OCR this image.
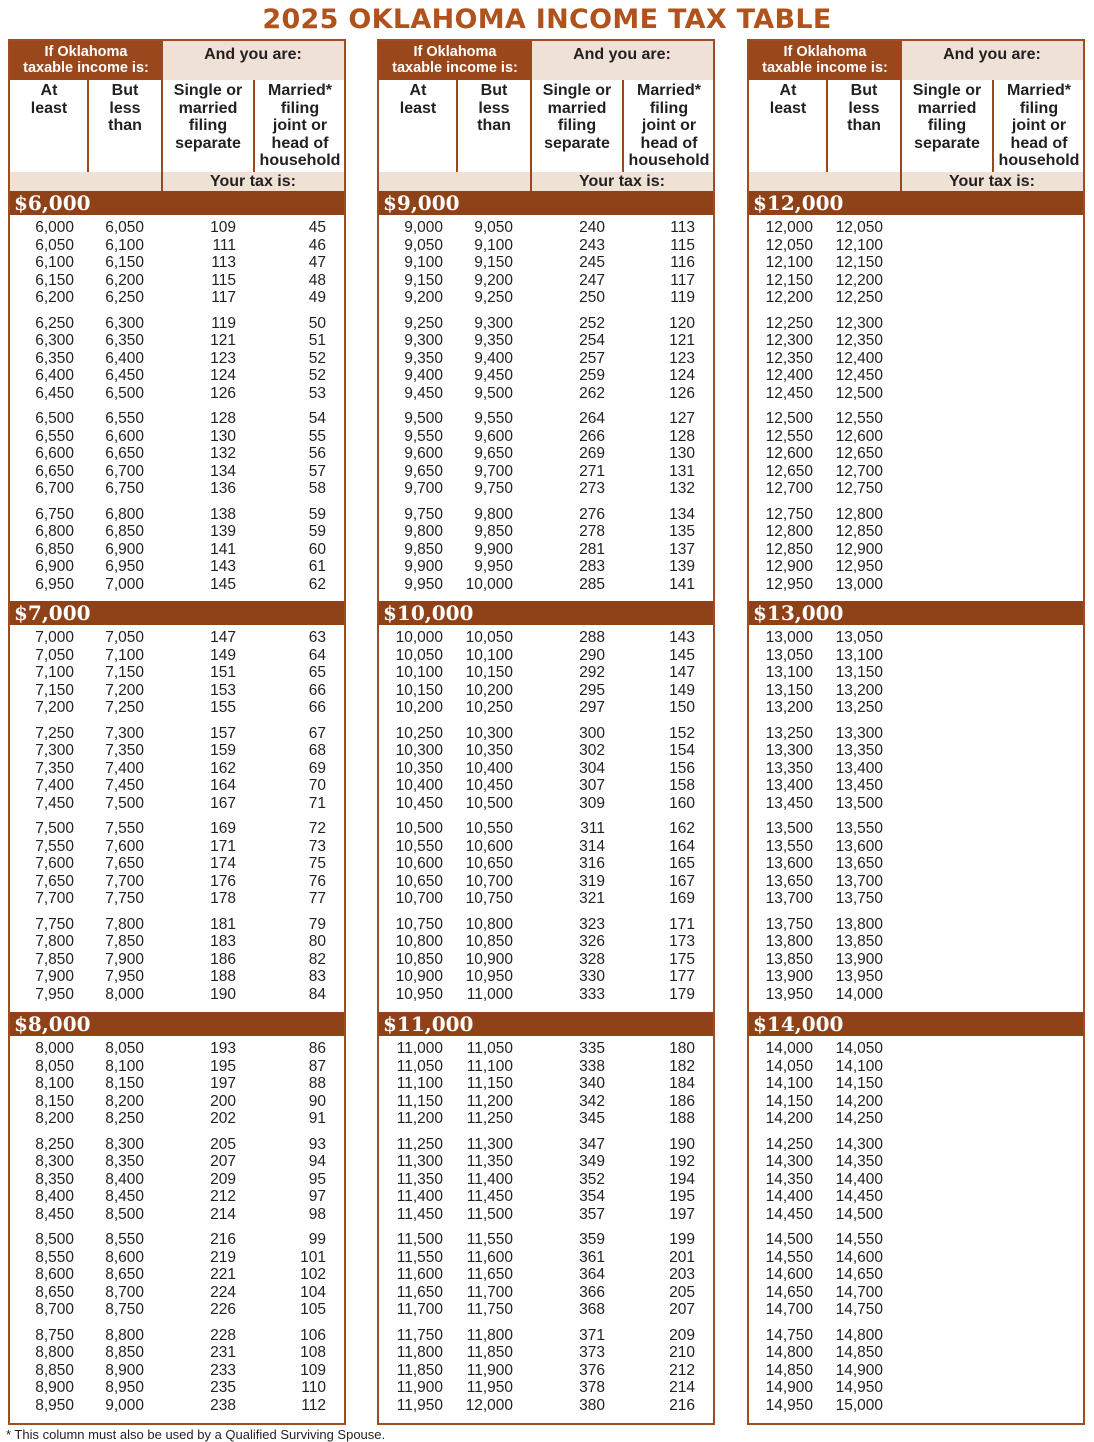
2025 OKLAHOMA INCOME TAX TABLE
If Oklahoma
taxable income is:
And you are:
At
least
But
less
than
Single or
married
filing
separate
Married*
filing
joint or
head of
household
Your tax is:
$6,000
6,000 6,050	109	45
6,050 6,100	111	46
6,100 6,150	113	47
6,150 6,200	115	48
6,200 6,250	117	49
6,250 6,300	119	50
6,300 6,350	121	51
6,350 6,400	123	52
6,400 6,450	124	52
6,450 6,500	126	53
6,500 6,550	128	54
6,550 6,600	130	55
6,600 6,650	132	56
6,650 6,700	134	57
6,700 6,750	136	58
6,750 6,800	138	59
6,800 6,850	139	59
6,850 6,900	141	60
6,900 6,950	143	61
6,950 7,000	145	62
$7,000
7,000 7,050	147	63
7,050 7,100	149	64
7,100 7,150	151	65
7,150 7,200	153	66
7,200 7,250	155	66
7,250 7,300	157	67
7,300 7,350	159	68
7,350 7,400	162	69
7,400 7,450	164	70
7,450 7,500	167	71
7,500 7,550	169	72
7,550 7,600	171	73
7,600 7,650	174	75
7,650 7,700	176	76
7,700 7,750	178	77
7,750 7,800	181	79
7,800 7,850	183	80
7,850 7,900	186	82
7,900 7,950	188	83
7,950 8,000	190	84
$8,000
8,000 8,050	193	86
8,050 8,100	195	87
8,100 8,150	197	88
8,150 8,200	200	90
8,200 8,250	202	91
8,250 8,300	205	93
8,300 8,350	207	94
8,350 8,400	209	95
8,400 8,450	212	97
8,450 8,500	214	98
8,500 8,550	216	99
8,550 8,600	219	101
8,600 8,650	221	102
8,650 8,700	224	104
8,700 8,750	226	105
8,750 8,800	228	106
8,800 8,850	231	108
8,850 8,900	233	109
8,900 8,950	235	110
8,950 9,000	238	112
If Oklahoma
taxable income is:
And you are:
At
least
But
less
than
Single or
married
filing
separate
Married*
filing
joint or
head of
household
Your tax is:
$9,000
9,000 9,050	240	113
9,050 9,100	243	115
9,100 9,150	245	116
9,150 9,200	247	117
9,200 9,250	250	119
9,250 9,300	252	120
9,300 9,350	254	121
9,350 9,400	257	123
9,400 9,450	259	124
9,450 9,500	262	126
9,500 9,550	264	127
9,550 9,600	266	128
9,600 9,650	269	130
9,650 9,700	271	131
9,700 9,750	273	132
9,750 9,800	276	134
9,800 9,850	278	135
9,850 9,900	281	137
9,900 9,950	283	139
9,950 10,000	285	141
$10,000
10,000 10,050	288	143
10,050 10,100	290	145
10,100 10,150	292	147
10,150 10,200	295	149
10,200 10,250	297	150
10,250 10,300	300	152
10,300 10,350	302	154
10,350 10,400	304	156
10,400 10,450	307	158
10,450 10,500	309	160
10,500 10,550	311	162
10,550 10,600	314	164
10,600 10,650	316	165
10,650 10,700	319	167
10,700 10,750	321	169
10,750 10,800	323	171
10,800 10,850	326	173
10,850 10,900	328	175
10,900 10,950	330	177
10,950 11,000	333	179
$11,000
11,000 11,050	335	180
11,050 11,100	338	182
11,100 11,150	340	184
11,150 11,200	342	186
11,200 11,250	345	188
11,250 11,300	347	190
11,300 11,350	349	192
11,350 11,400	352	194
11,400 11,450	354	195
11,450 11,500	357	197
11,500 11,550	359	199
11,550 11,600	361	201
11,600 11,650	364	203
11,650 11,700	366	205
11,700 11,750	368	207
11,750 11,800	371	209
11,800 11,850	373	210
11,850 11,900	376	212
11,900 11,950	378	214
11,950 12,000	380	216
If Oklahoma
taxable income is:
And you are:
At
least
But
less
than
Single or
married
filing
separate
Married*
filing
joint or
head of
household
Your tax is:
$12,000
12,000 12,050
12,050 12,100
12,100 12,150
12,150 12,200
12,200 12,250
12,250 12,300
12,300 12,350
12,350 12,400
12,400 12,450
12,450 12,500
12,500 12,550
12,550 12,600
12,600 12,650
12,650 12,700
12,700 12,750
12,750 12,800
12,800 12,850
12,850 12,900
12,900 12,950
12,950 13,000
$13,000
13,000 13,050
13,050 13,100
13,100 13,150
13,150 13,200
13,200 13,250
13,250 13,300
13,300 13,350
13,350 13,400
13,400 13,450
13,450 13,500
13,500 13,550
13,550 13,600
13,600 13,650
13,650 13,700
13,700 13,750
13,750 13,800
13,800 13,850
13,850 13,900
13,900 13,950
13,950 14,000
$14,000
14,000 14,050
14,050 14,100
14,100 14,150
14,150 14,200
14,200 14,250
14,250 14,300
14,300 14,350
14,350 14,400
14,400 14,450
14,450 14,500
14,500 14,550
14,550 14,600
14,600 14,650
14,650 14,700
14,700 14,750
14,750 14,800
14,800 14,850
14,850 14,900
14,900 14,950
14,950 15,000
* This column must also be used by a Qualified Surviving Spouse.
